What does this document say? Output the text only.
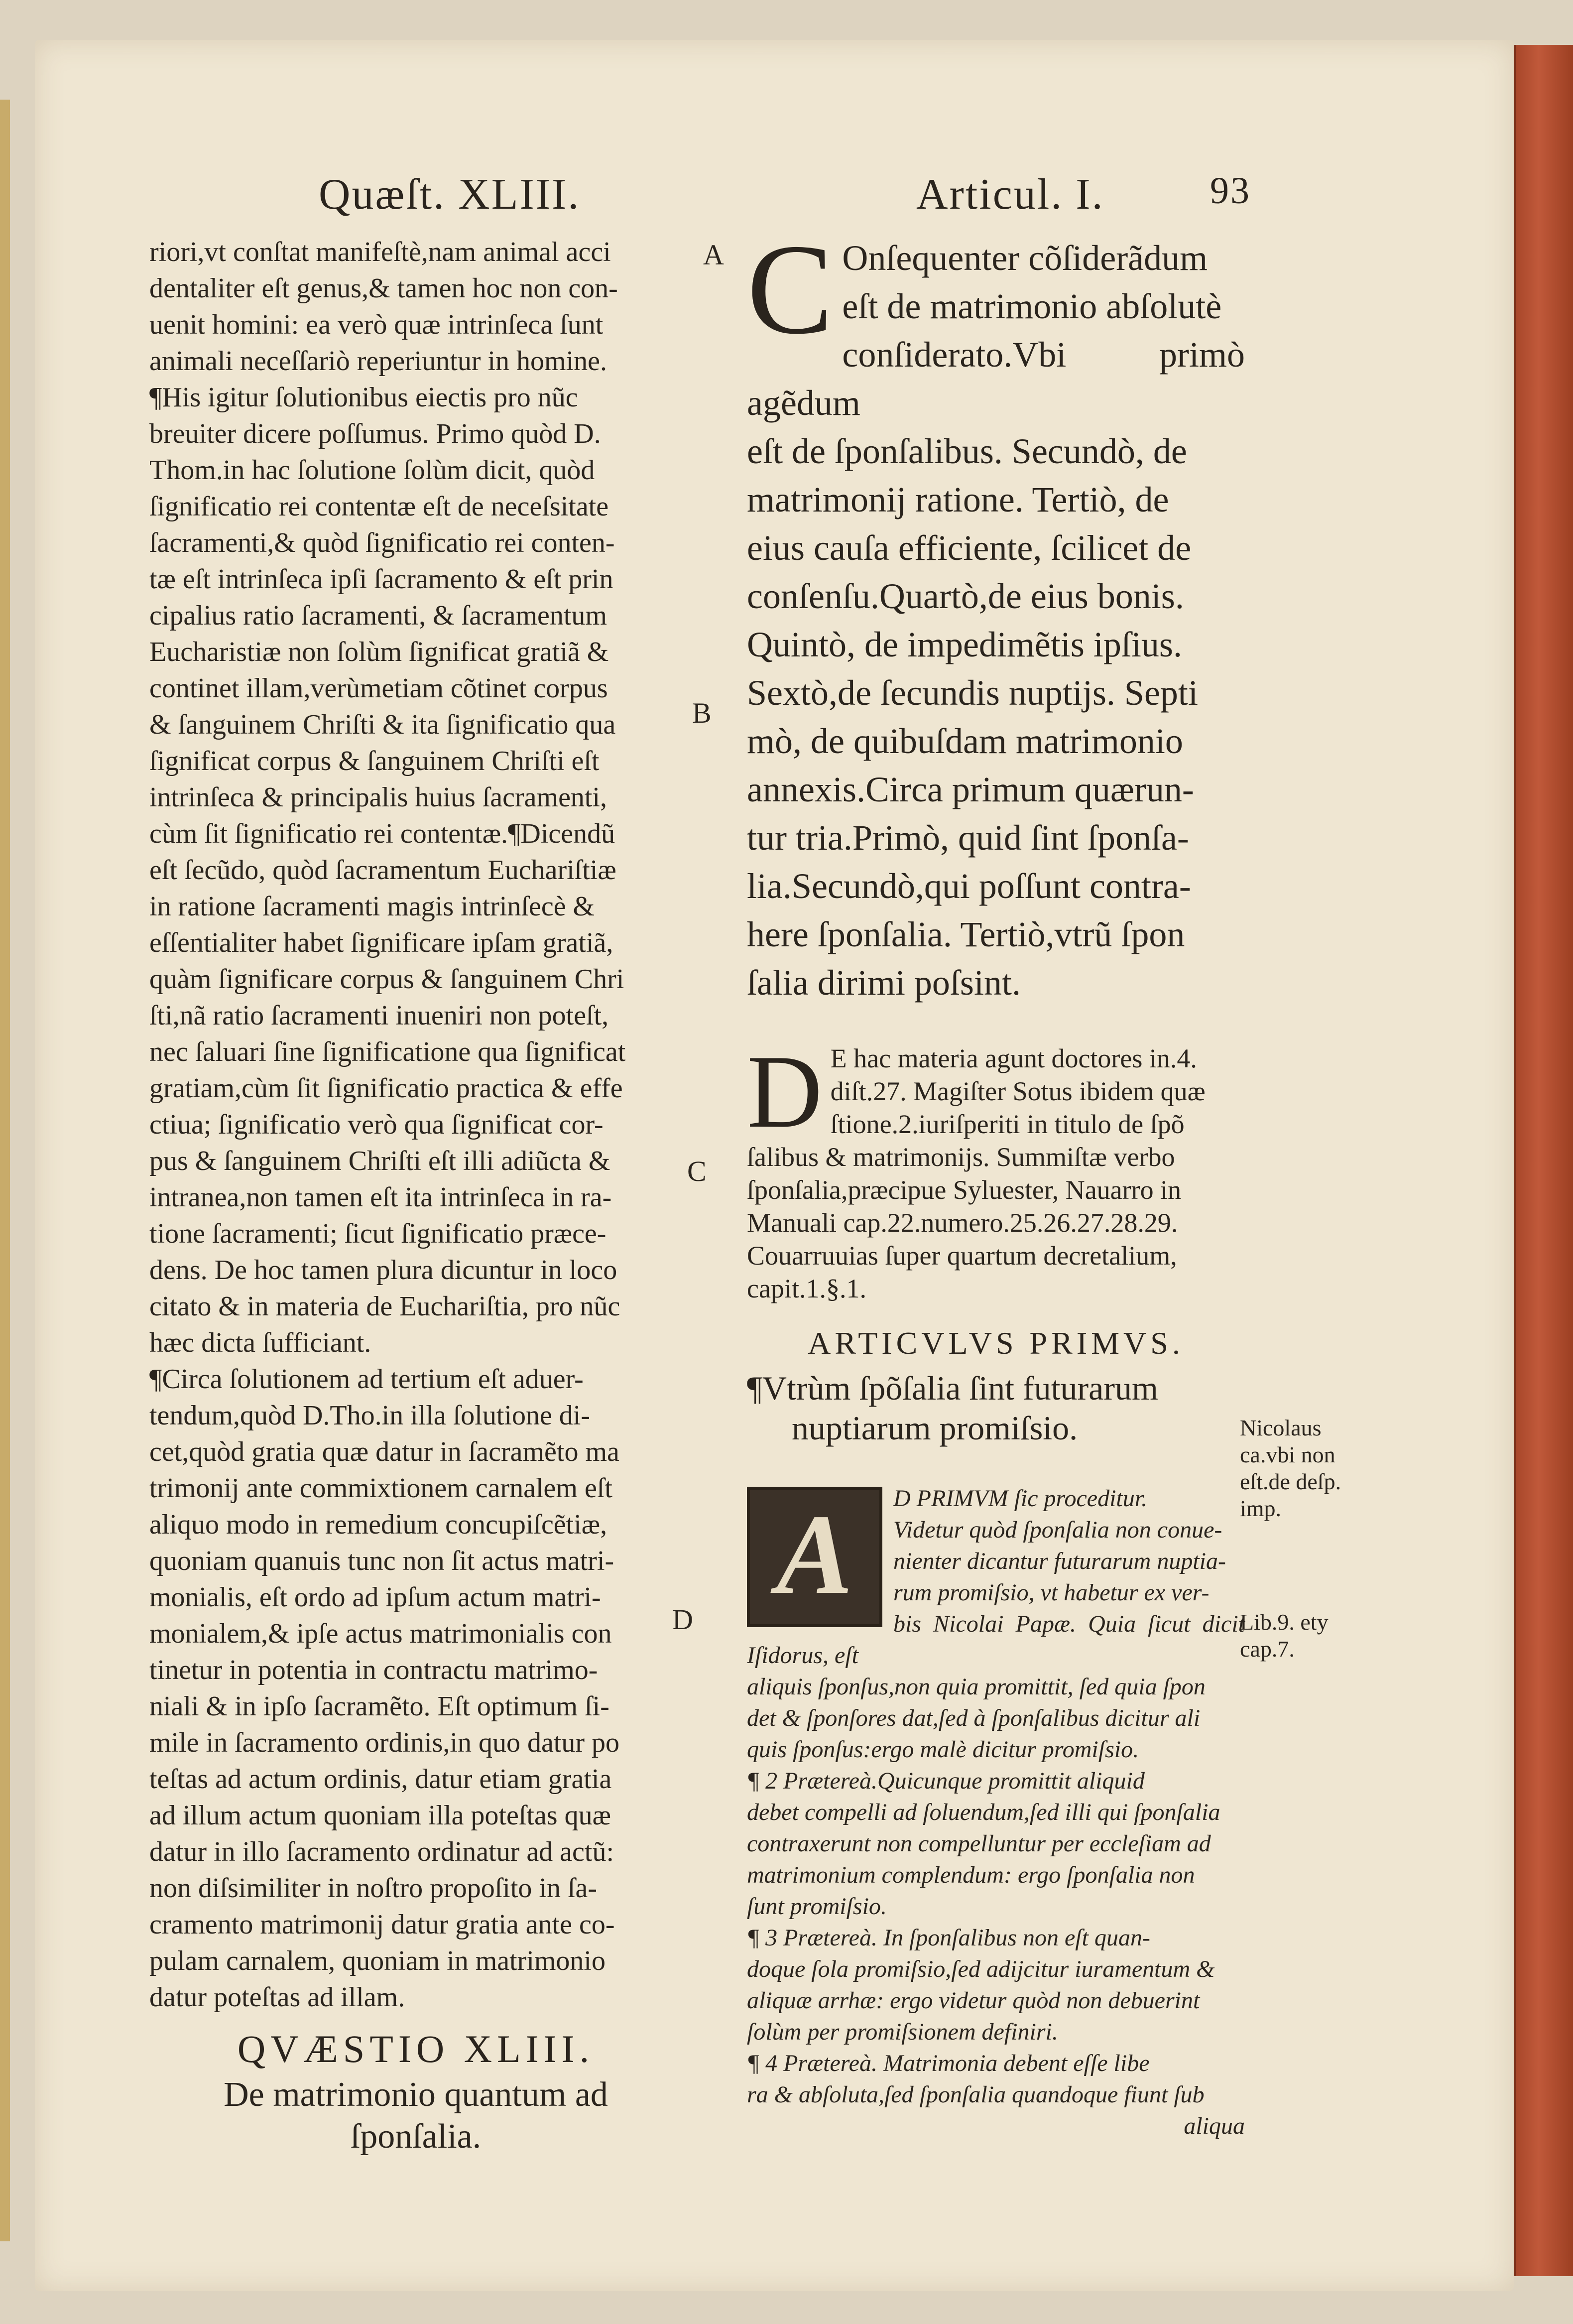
Quæſt. XLIII.	Articul. I.	93

riori,vt conſtat manifeſtè,nam animal acci

dentaliter eſt genus,& tamen hoc non con-

uenit homini: ea verò quæ intrinſeca ſunt

animali neceſſariò reperiuntur in homine.

¶His igitur ſolutionibus eiectis pro nũc

breuiter dicere poſſumus. Primo quòd D.

Thom.in hac ſolutione ſolùm dicit, quòd

ſignificatio rei contentæ eſt de neceſsitate

ſacramenti,& quòd ſignificatio rei conten-

tæ eſt intrinſeca ipſi ſacramento & eſt prin

cipalius ratio ſacramenti, & ſacramentum

Eucharistiæ non ſolùm ſignificat gratiã &

continet illam,verùmetiam cõtinet corpus

& ſanguinem Chriſti & ita ſignificatio qua

ſignificat corpus & ſanguinem Chriſti eſt

intrinſeca & principalis huius ſacramenti,

cùm ſit ſignificatio rei contentæ.¶Dicendũ

eſt ſecũdo, quòd ſacramentum Euchariſtiæ

in ratione ſacramenti magis intrinſecè &

eſſentialiter habet ſignificare ipſam gratiã,

quàm ſignificare corpus & ſanguinem Chri

ſti,nã ratio ſacramenti inueniri non poteſt,

nec ſaluari ſine ſignificatione qua ſignificat

gratiam,cùm ſit ſignificatio practica & effe

ctiua; ſignificatio verò qua ſignificat cor-

pus & ſanguinem Chriſti eſt illi adiũcta &

intranea,non tamen eſt ita intrinſeca in ra-

tione ſacramenti; ſicut ſignificatio præce-

dens. De hoc tamen plura dicuntur in loco

citato & in materia de Euchariſtia, pro nũc

hæc dicta ſufficiant.

¶Circa ſolutionem ad tertium eſt aduer-

tendum,quòd D.Tho.in illa ſolutione di-

cet,quòd gratia quæ datur in ſacramẽto ma

trimonij ante commixtionem carnalem eſt

aliquo modo in remedium concupiſcẽtiæ,

quoniam quanuis tunc non ſit actus matri-

monialis, eſt ordo ad ipſum actum matri-

monialem,& ipſe actus matrimonialis con

tinetur in potentia in contractu matrimo-

niali & in ipſo ſacramẽto. Eſt optimum ſi-

mile in ſacramento ordinis,in quo datur po

teſtas ad actum ordinis, datur etiam gratia

ad illum actum quoniam illa poteſtas quæ

datur in illo ſacramento ordinatur ad actũ:

non diſsimiliter in noſtro propoſito in ſa-

cramento matrimonij datur gratia ante co-

pulam carnalem, quoniam in matrimonio

datur poteſtas ad illam.

QVÆSTIO XLIII.
De matrimonio quantum ad
ſponſalia.
A
B
C
D
C Onſequenter cõſiderãdum

eſt de matrimonio abſolutè

conſiderato.Vbi primò agẽdum

eſt de ſponſalibus. Secundò, de

matrimonij ratione. Tertiò, de

eius cauſa efficiente, ſcilicet de

conſenſu.Quartò,de eius bonis.

Quintò, de impedimẽtis ipſius.

Sextò,de ſecundis nuptijs. Septi

mò, de quibuſdam matrimonio

annexis.Circa primum quærun-

tur tria.Primò, quid ſint ſponſa-

lia.Secundò,qui poſſunt contra-

here ſponſalia. Tertiò,vtrũ ſpon

ſalia dirimi poſsint.

D E hac materia agunt doctores in.4.

diſt.27. Magiſter Sotus ibidem quæ

ſtione.2.iuriſperiti in titulo de ſpõ

ſalibus & matrimonijs. Summiſtæ verbo

ſponſalia,præcipue Syluester, Nauarro in

Manuali cap.22.numero.25.26.27.28.29.

Couarruuias ſuper quartum decretalium,

capit.1.§.1.

ARTICVLVS PRIMVS.
¶Vtrùm ſpõſalia ſint futurarum
nuptiarum promiſsio.
A	D PRIMVM ſic proceditur.

Videtur quòd ſponſalia non conue-

nienter dicantur futurarum nuptia-

rum promiſsio, vt habetur ex ver-

bis Nicolai Papæ. Quia ſicut dicit Iſidorus, eſt

aliquis ſponſus,non quia promittit, ſed quia ſpon

det & ſponſores dat,ſed à ſponſalibus dicitur ali

quis ſponſus:ergo malè dicitur promiſsio.

¶ 2 Prætereà.Quicunque promittit aliquid

debet compelli ad ſoluendum,ſed illi qui ſponſalia

contraxerunt non compelluntur per eccleſiam ad

matrimonium complendum: ergo ſponſalia non

ſunt promiſsio.

¶ 3 Prætereà. In ſponſalibus non eſt quan-

doque ſola promiſsio,ſed adijcitur iuramentum &

aliquæ arrhæ: ergo videtur quòd non debuerint

ſolùm per promiſsionem definiri.

¶ 4 Prætereà. Matrimonia debent eſſe libe

ra & abſoluta,ſed ſponſalia quandoque fiunt ſub

aliqua

Nicolaus
ca.vbi non
eſt.de deſp.
imp.
Lib.9. ety
cap.7.
